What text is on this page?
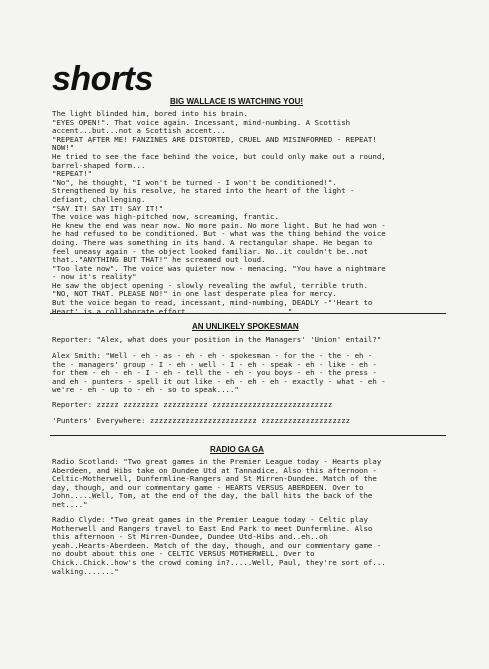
shorts
BIG WALLACE IS WATCHING YOU!
The light blinded him, bored into his brain.
"EYES OPEN!". That voice again. Incessant, mind-numbing. A Scottish
accent...but...not a Scottish accent...
"REPEAT AFTER ME! FANZINES ARE DISTORTED, CRUEL AND MISINFORMED - REPEAT!
NOW!"
He tried to see the face behind the voice, but could only make out a round,
barrel-shaped form...
"REPEAT!"
"No", he thought, "I won't be turned - I won't be conditioned!".
Strengthened by his resolve, he stared into the heart of the light -
defiant, challenging.
"SAY IT! SAY IT! SAY IT!"
The voice was high-pitched now, screaming, frantic.
He knew the end was near now. No more pain. No more light. But he had won -
he had refused to be conditioned. But - what was the thing behind the voice
doing. There was something in its hand. A rectangular shape. He began to
feel uneasy again - the object looked familiar. No..it couldn't be..not
that.."ANYTHING BUT THAT!" he screamed out loud.
"Too late now". The voice was quieter now - menacing. "You have a nightmare
- now it's reality"
He saw the object opening - slowly revealing the awful, terrible truth.
"NO, NOT THAT. PLEASE NO!" in one last desperate plea for mercy.
But the voice began to read, incessant, mind-numbing, DEADLY -"'Heart to
Heart' is a collaborate effort......................."
AN UNLIKELY SPOKESMAN
Reporter: "Alex, what does your position in the Managers' 'Union' entail?"
Alex Smith: "Well - eh - as - eh - eh - spokesman - for the - the - eh -
the - managers' group - I - eh - well - I - eh - speak - eh - like - eh -
for them - eh - eh - I - eh - tell the - eh - you boys - eh - the press -
and eh - punters - spell it out like - eh - eh - eh - exactly - what - eh -
we're - eh - up to - eh - so to speak...."
Reporter: zzzzz zzzzzzzz zzzzzzzzzz zzzzzzzzzzzzzzzzzzzzzzzzzzz
'Punters' Everywhere: zzzzzzzzzzzzzzzzzzzzzzzz zzzzzzzzzzzzzzzzzzzz
RADIO GA GA
Radio Scotland: "Two great games in the Premier League today - Hearts play
Aberdeen, and Hibs take on Dundee Utd at Tannadice. Also this afternoon -
Celtic-Motherwell, Dunfermline-Rangers and St Mirren-Dundee. Match of the
day, though, and our commentary game - HEARTS VERSUS ABERDEEN. Over to
John.....Well, Tom, at the end of the day, the ball hits the back of the
net...."
Radio Clyde: "Two great games in the Premier League today - Celtic play
Motherwell and Rangers travel to East End Park to meet Dunfermline. Also
this afternoon - St Mirren-Dundee, Dundee Utd-Hibs and..eh..oh
yeah..Hearts-Aberdeen. Match of the day, though, and our commentary game -
no doubt about this one - CELTIC VERSUS MOTHERWELL. Over to
Chick..Chick..how's the crowd coming in?.....Well, Paul, they're sort of...
walking......."
